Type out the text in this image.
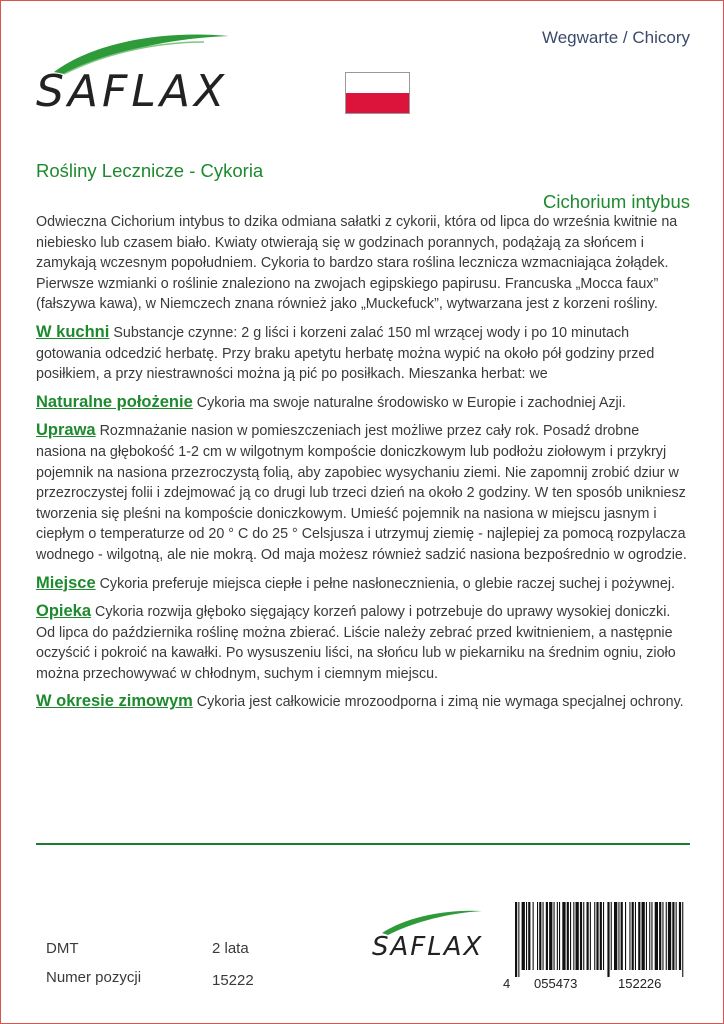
SAFLAX
Wegwarte / Chicory
Rośliny Lecznicze - Cykoria
Cichorium intybus

Odwieczna Cichorium intybus to dzika odmiana sałatki z cykorii, która od lipca do września kwitnie na niebiesko lub czasem biało. Kwiaty otwierają się w godzinach porannych, podążają za słońcem i zamykają wczesnym popołudniem. Cykoria to bardzo stara roślina lecznicza wzmacniająca żołądek. Pierwsze wzmianki o roślinie znaleziono na zwojach egipskiego papirusu. Francuska „Mocca faux” (fałszywa kawa), w Niemczech znana również jako „Muckefuck”, wytwarzana jest z korzeni rośliny.

W kuchni Substancje czynne: 2 g liści i korzeni zalać 150 ml wrzącej wody i po 10 minutach gotowania odcedzić herbatę. Przy braku apetytu herbatę można wypić na około pół godziny przed posiłkiem, a przy niestrawności można ją pić po posiłkach. Mieszanka herbat: we

Naturalne położenie Cykoria ma swoje naturalne środowisko w Europie i zachodniej Azji.

Uprawa Rozmnażanie nasion w pomieszczeniach jest możliwe przez cały rok. Posadź drobne nasiona na głębokość 1-2 cm w wilgotnym kompoście doniczkowym lub podłożu ziołowym i przykryj pojemnik na nasiona przezroczystą folią, aby zapobiec wysychaniu ziemi. Nie zapomnij zrobić dziur w przezroczystej folii i zdejmować ją co drugi lub trzeci dzień na około 2 godziny. W ten sposób unikniesz tworzenia się pleśni na kompoście doniczkowym. Umieść pojemnik na nasiona w miejscu jasnym i ciepłym o temperaturze od 20 ° C do 25 ° Celsjusza i utrzymuj ziemię - najlepiej za pomocą rozpylacza wodnego - wilgotną, ale nie mokrą. Od maja możesz również sadzić nasiona bezpośrednio w ogrodzie.

Miejsce Cykoria preferuje miejsca ciepłe i pełne nasłonecznienia, o glebie raczej suchej i pożywnej.

Opieka Cykoria rozwija głęboko sięgający korzeń palowy i potrzebuje do uprawy wysokiej doniczki. Od lipca do października roślinę można zbierać. Liście należy zebrać przed kwitnieniem, a następnie oczyścić i pokroić na kawałki. Po wysuszeniu liści, na słońcu lub w piekarniku na średnim ogniu, zioło można przechowywać w chłodnym, suchym i ciemnym miejscu.

W okresie zimowym Cykoria jest całkowicie mrozoodporna i zimą nie wymaga specjalnej ochrony.

DMT	2 lata
Numer pozycji	15222
SAFLAX
4 055473	152226
